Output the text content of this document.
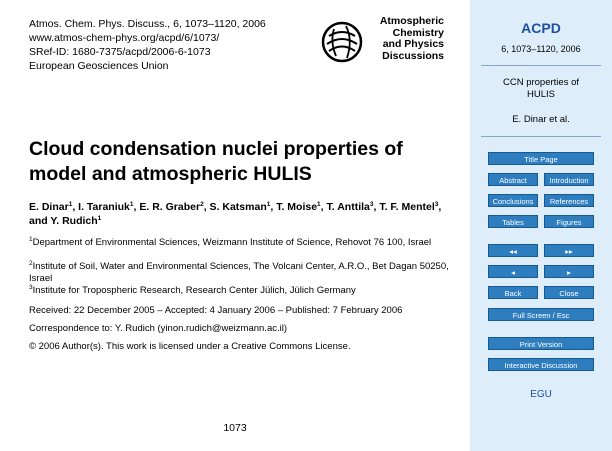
Atmos. Chem. Phys. Discuss., 6, 1073–1120, 2006
www.atmos-chem-phys.org/acpd/6/1073/
SRef-ID: 1680-7375/acpd/2006-6-1073
European Geosciences Union
Atmospheric
Chemistry
and Physics
Discussions
Cloud condensation nuclei properties of model and atmospheric HULIS
E. Dinar$^1$, I. Taraniuk$^1$, E. R. Graber$^2$, S. Katsman$^1$, T. Moise$^1$, T. Anttila$^3$, T. F. Mentel$^3$, and Y. Rudich$^1$
$^1$Department of Environmental Sciences, Weizmann Institute of Science, Rehovot 76 100, Israel
$^2$Institute of Soil, Water and Environmental Sciences, The Volcani Center, A.R.O., Bet Dagan 50250, Israel
$^3$Institute for Tropospheric Research, Research Center Jülich, Jülich Germany
Received: 22 December 2005 – Accepted: 4 January 2006 – Published: 7 February 2006
Correspondence to: Y. Rudich (yinon.rudich@weizmann.ac.il)
© 2006 Author(s). This work is licensed under a Creative Commons License.
1073
ACPD
6, 1073–1120, 2006
CCN properties of
HULIS
E. Dinar et al.
Title Page
Abstract	Introduction
Conclusions	References
Tables	Figures
◂◂	▸▸
◂	▸
Back	Close
Full Screen / Esc
Print Version
Interactive Discussion
EGU
